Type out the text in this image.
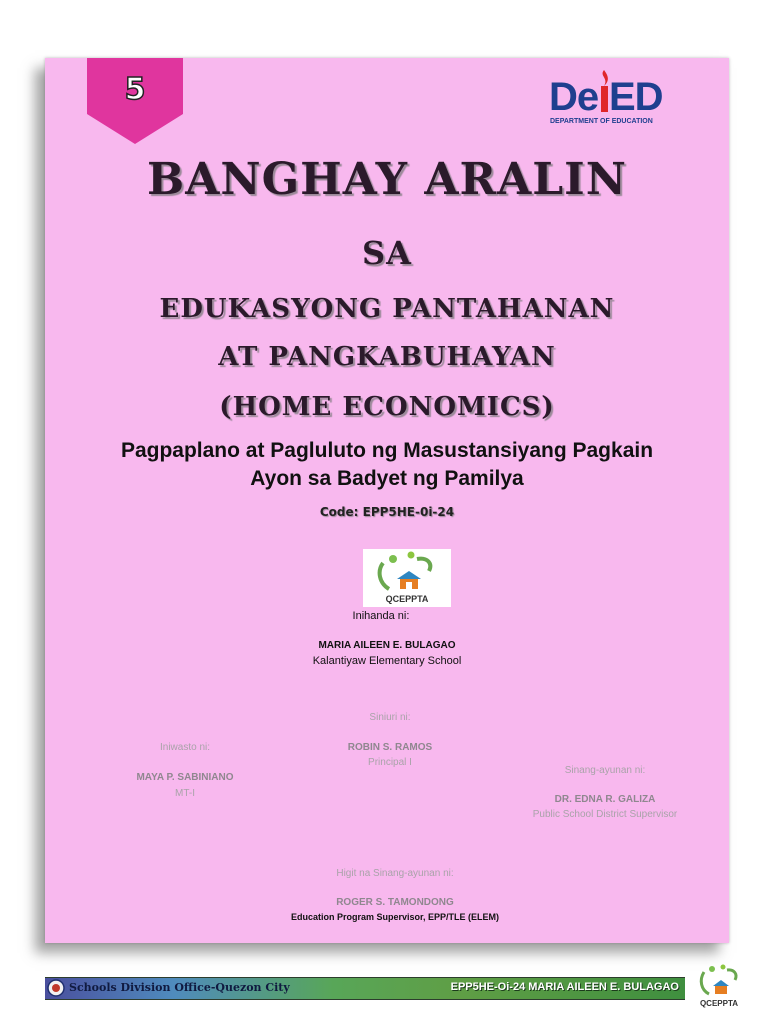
5	De ED
DEPARTMENT OF EDUCATION
BANGHAY ARALIN
SA
EDUKASYONG PANTAHANAN
AT PANGKABUHAYAN
(HOME ECONOMICS)
Pagpaplano at Pagluluto ng Masustansiyang Pagkain
Ayon sa Badyet ng Pamilya
Code: EPP5HE-0i-24
QCEPPTA
Inihanda ni:
MARIA AILEEN E. BULAGAO
Kalantiyaw Elementary School
Siniuri ni:
ROBIN S. RAMOS
Principal I
Iniwasto ni:
MAYA P. SABINIANO
MT-I
Sinang-ayunan ni:
DR. EDNA R. GALIZA
Public School District Supervisor
Higit na Sinang-ayunan ni:
ROGER S. TAMONDONG
Education Program Supervisor, EPP/TLE (ELEM)
Schools Division Office-Quezon City	EPP5HE-Oi-24 MARIA AILEEN E. BULAGAO
QCEPPTA
